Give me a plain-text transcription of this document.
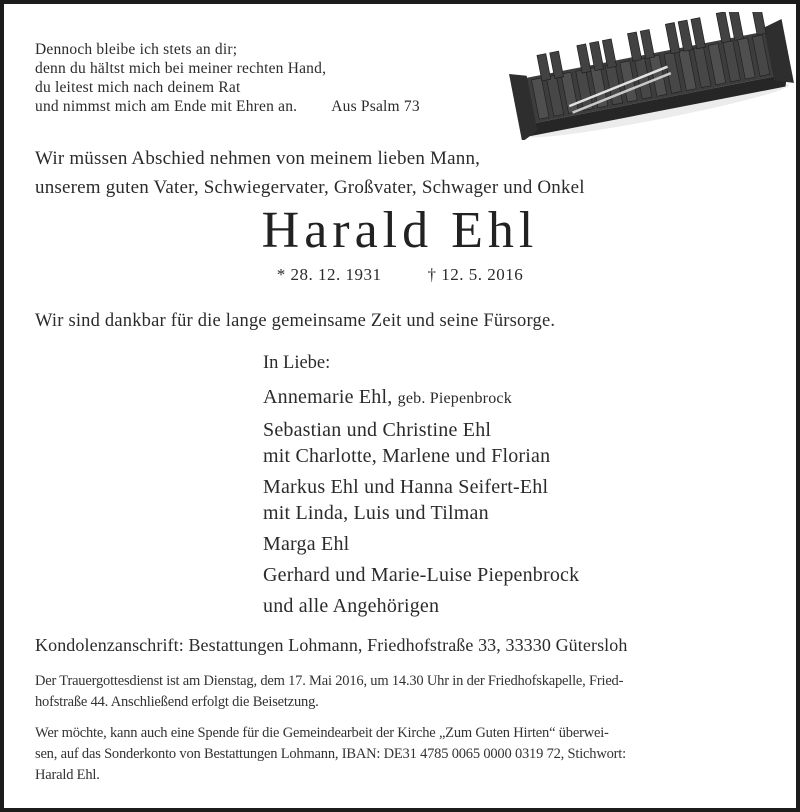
Dennoch bleibe ich stets an dir;
denn du hältst mich bei meiner rechten Hand,
du leitest mich nach deinem Rat
und nimmst mich am Ende mit Ehren an. Aus Psalm 73
Wir müssen Abschied nehmen von meinem lieben Mann,
unserem guten Vater, Schwiegervater, Großvater, Schwager und Onkel
Harald Ehl
* 28. 12. 1931	† 12. 5. 2016
Wir sind dankbar für die lange gemeinsame Zeit und seine Fürsorge.
In Liebe:
Annemarie Ehl, geb. Piepenbrock
Sebastian und Christine Ehl
mit Charlotte, Marlene und Florian
Markus Ehl und Hanna Seifert-Ehl
mit Linda, Luis und Tilman
Marga Ehl
Gerhard und Marie-Luise Piepenbrock
und alle Angehörigen
Kondolenzanschrift: Bestattungen Lohmann, Friedhofstraße 33, 33330 Gütersloh

Der Trauergottesdienst ist am Dienstag, dem 17. Mai 2016, um 14.30 Uhr in der Friedhofskapelle, Fried-
hofstraße 44. Anschließend erfolgt die Beisetzung.

Wer möchte, kann auch eine Spende für die Gemeindearbeit der Kirche „Zum Guten Hirten“ überwei-
sen, auf das Sonderkonto von Bestattungen Lohmann, IBAN: DE31 4785 0065 0000 0319 72, Stichwort:
Harald Ehl.
